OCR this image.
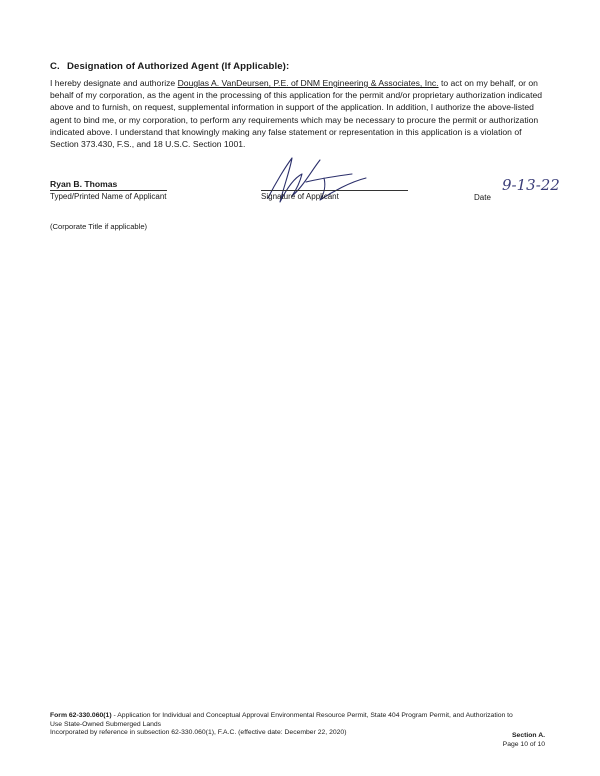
C. Designation of Authorized Agent (If Applicable):
I hereby designate and authorize Douglas A. VanDeursen, P.E. of DNM Engineering & Associates, Inc. to act on my behalf, or on behalf of my corporation, as the agent in the processing of this application for the permit and/or proprietary authorization indicated above and to furnish, on request, supplemental information in support of the application. In addition, I authorize the above-listed agent to bind me, or my corporation, to perform any requirements which may be necessary to procure the permit or authorization indicated above. I understand that knowingly making any false statement or representation in this application is a violation of Section 373.430, F.S., and 18 U.S.C. Section 1001.
Ryan B. Thomas
Typed/Printed Name of Applicant	Signature of Applicant	Date
9-13-22
(Corporate Title if applicable)
Form 62-330.060(1) - Application for Individual and Conceptual Approval Environmental Resource Permit, State 404 Program Permit, and Authorization to Use State-Owned Submerged Lands
Incorporated by reference in subsection 62-330.060(1), F.A.C. (effective date: December 22, 2020)	Section A.
Page 10 of 10
